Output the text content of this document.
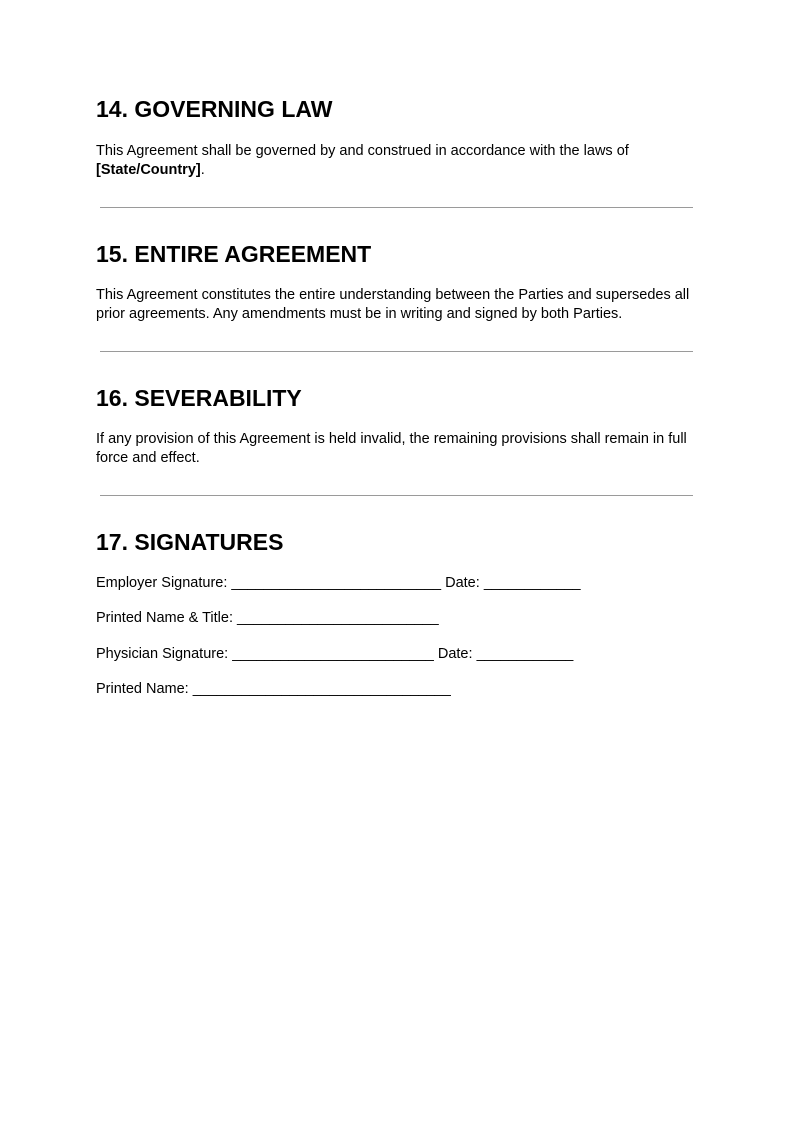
14. GOVERNING LAW

This Agreement shall be governed by and construed in accordance with the laws of
[State/Country].

15. ENTIRE AGREEMENT

This Agreement constitutes the entire understanding between the Parties and supersedes all prior agreements. Any amendments must be in writing and signed by both Parties.

16. SEVERABILITY

If any provision of this Agreement is held invalid, the remaining provisions shall remain in full force and effect.

17. SIGNATURES
Employer Signature: __________________________ Date: ____________
Printed Name & Title: _________________________
Physician Signature: _________________________ Date: ____________
Printed Name: ________________________________
